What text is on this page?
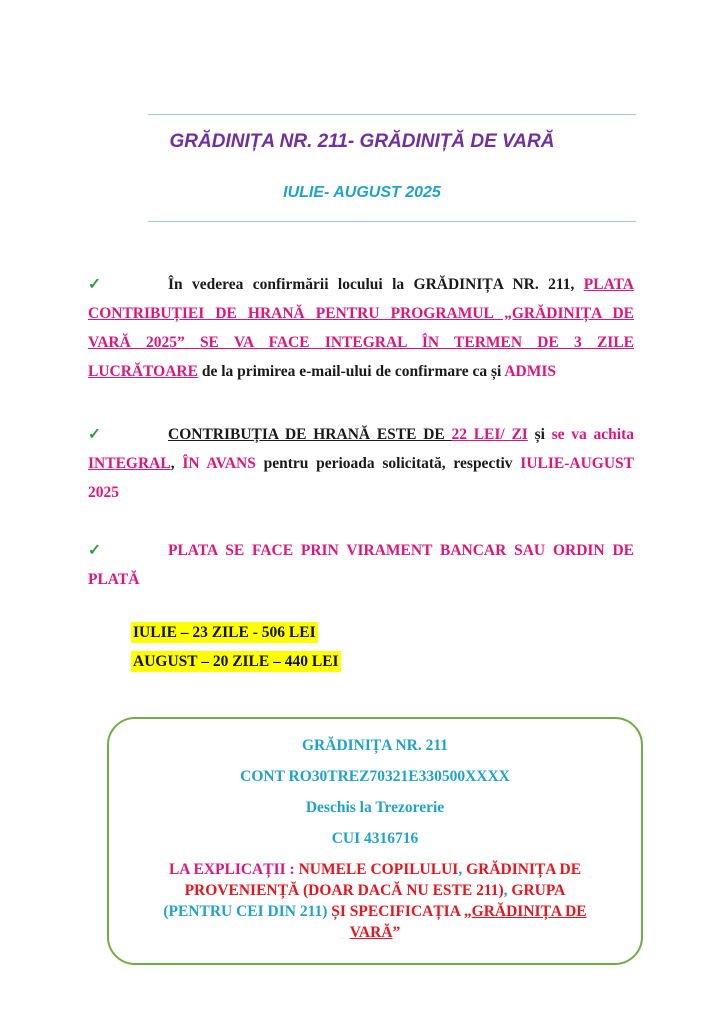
GRĂDINIȚA NR. 211- GRĂDINIȚĂ DE VARĂ
IULIE- AUGUST 2025
✓	În vederea confirmării locului la GRĂDINIȚA NR. 211, PLATA CONTRIBUȚIEI DE HRANĂ PENTRU PROGRAMUL „GRĂDINIȚA DE VARĂ 2025” SE VA FACE INTEGRAL ÎN TERMEN DE 3 ZILE LUCRĂTOARE de la primirea e-mail-ului de confirmare ca și ADMIS
✓	CONTRIBUȚIA DE HRANĂ ESTE DE 22 LEI/ ZI și se va achita INTEGRAL, ÎN AVANS pentru perioada solicitată, respectiv IULIE-AUGUST 2025
✓	PLATA SE FACE PRIN VIRAMENT BANCAR SAU ORDIN DE PLATĂ
IULIE – 23 ZILE - 506 LEI
AUGUST – 20 ZILE – 440 LEI
GRĂDINIȚA NR. 211
CONT RO30TREZ70321E330500XXXX
Deschis la Trezorerie
CUI 4316716
LA EXPLICAȚII : NUMELE COPILULUI, GRĂDINIȚA DE
PROVENIENȚĂ (DOAR DACĂ NU ESTE 211), GRUPA
(PENTRU CEI DIN 211) ȘI SPECIFICAȚIA „GRĂDINIȚA DE
VARĂ”
